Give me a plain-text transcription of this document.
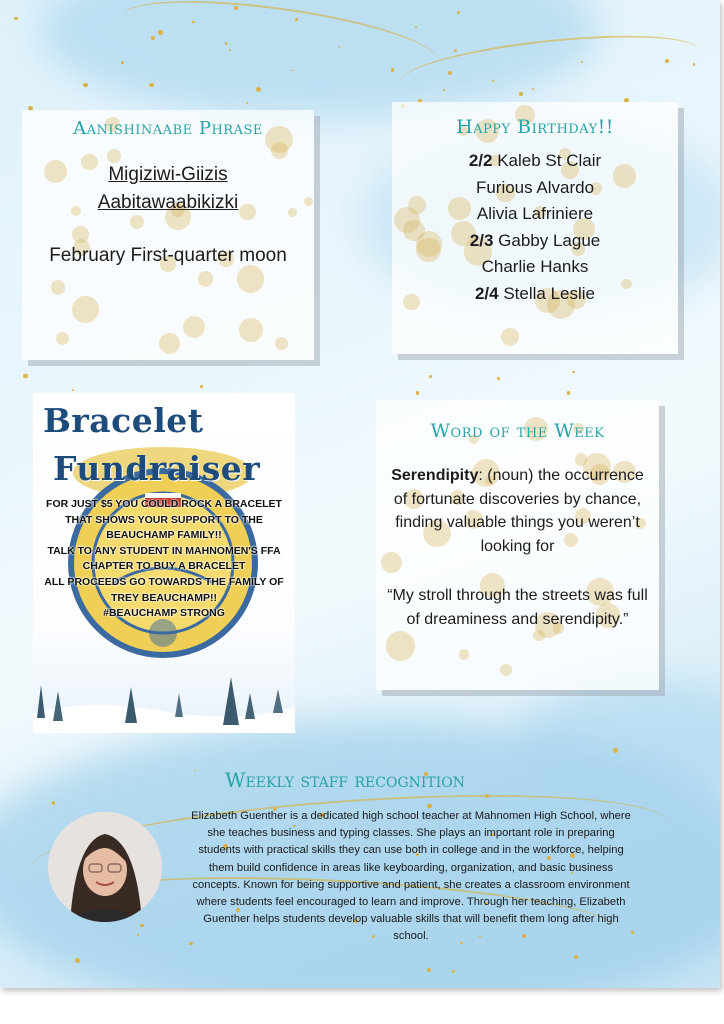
Aanishinaabe Phrase
Migiziwi-Giizis
Aabitawaabikizki
February First-quarter moon
Happy Birthday!!
2/2 Kaleb St Clair
Furious Alvardo
Alivia Lafriniere
2/3 Gabby Lague
Charlie Hanks
2/4 Stella Leslie
Bracelet
Fundraiser
FOR JUST $5 YOU COULD ROCK A BRACELET
THAT SHOWS YOUR SUPPORT TO THE
BEAUCHAMP FAMILY!!
TALK TO ANY STUDENT IN MAHNOMEN'S FFA
CHAPTER TO BUY A BRACELET
ALL PROCEEDS GO TOWARDS THE FAMILY OF
TREY BEAUCHAMP!!
#BEAUCHAMP STRONG
Word of the Week
Serendipity: (noun) the occurrence of fortunate discoveries by chance, finding valuable things you weren’t looking for
“My stroll through the streets was full of dreaminess and serendipity.”
Weekly staff recognition
Elizabeth Guenther is a dedicated high school teacher at Mahnomen High School, where she teaches business and typing classes. She plays an important role in preparing students with practical skills they can use both in college and in the workforce, helping them build confidence in areas like keyboarding, organization, and basic business concepts. Known for being supportive and patient, she creates a classroom environment where students feel encouraged to learn and improve. Through her teaching, Elizabeth Guenther helps students develop valuable skills that will benefit them long after high school.
